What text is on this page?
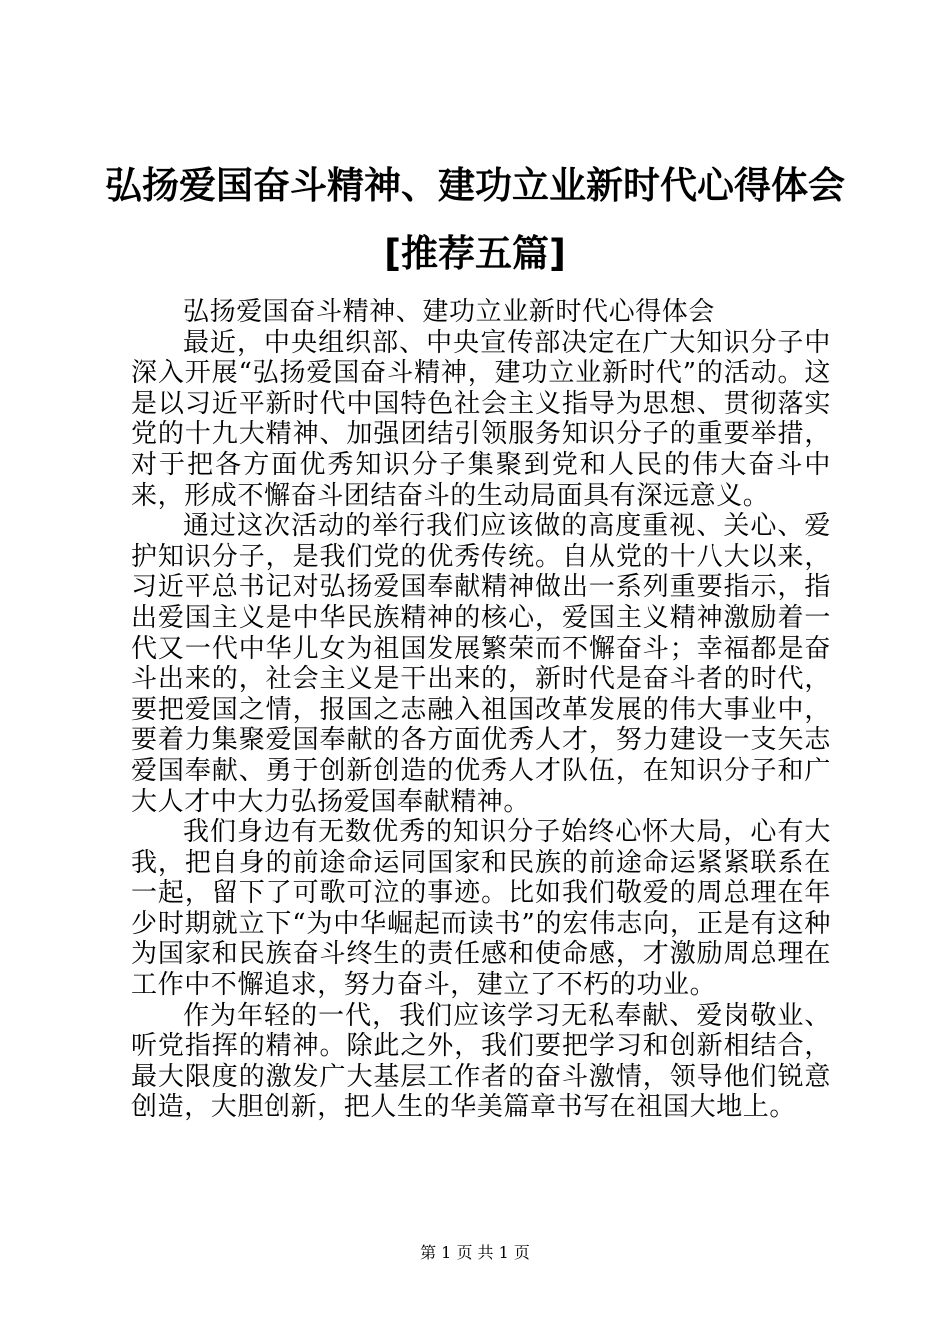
弘扬爱国奋斗精神、建功立业新时代心得体会
[推荐五篇]

弘扬爱国奋斗精神、建功立业新时代心得体会

最近，中央组织部、中央宣传部决定在广大知识分子中深入开展“弘扬爱国奋斗精神，建功立业新时代”的活动。这是以习近平新时代中国特色社会主义指导为思想、贯彻落实党的十九大精神、加强团结引领服务知识分子的重要举措，对于把各方面优秀知识分子集聚到党和人民的伟大奋斗中来，形成不懈奋斗团结奋斗的生动局面具有深远意义。

通过这次活动的举行我们应该做的高度重视、关心、爱护知识分子，是我们党的优秀传统。自从党的十八大以来，习近平总书记对弘扬爱国奉献精神做出一系列重要指示，指出爱国主义是中华民族精神的核心，爱国主义精神激励着一代又一代中华儿女为祖国发展繁荣而不懈奋斗；幸福都是奋斗出来的，社会主义是干出来的，新时代是奋斗者的时代，要把爱国之情，报国之志融入祖国改革发展的伟大事业中，要着力集聚爱国奉献的各方面优秀人才，努力建设一支矢志爱国奉献、勇于创新创造的优秀人才队伍，在知识分子和广大人才中大力弘扬爱国奉献精神。

我们身边有无数优秀的知识分子始终心怀大局，心有大我，把自身的前途命运同国家和民族的前途命运紧紧联系在一起，留下了可歌可泣的事迹。比如我们敬爱的周总理在年少时期就立下“为中华崛起而读书”的宏伟志向，正是有这种为国家和民族奋斗终生的责任感和使命感，才激励周总理在工作中不懈追求，努力奋斗，建立了不朽的功业。

作为年轻的一代，我们应该学习无私奉献、爱岗敬业、听党指挥的精神。除此之外，我们要把学习和创新相结合，最大限度的激发广大基层工作者的奋斗激情，领导他们锐意创造，大胆创新，把人生的华美篇章书写在祖国大地上。

第 1 页 共 1 页
